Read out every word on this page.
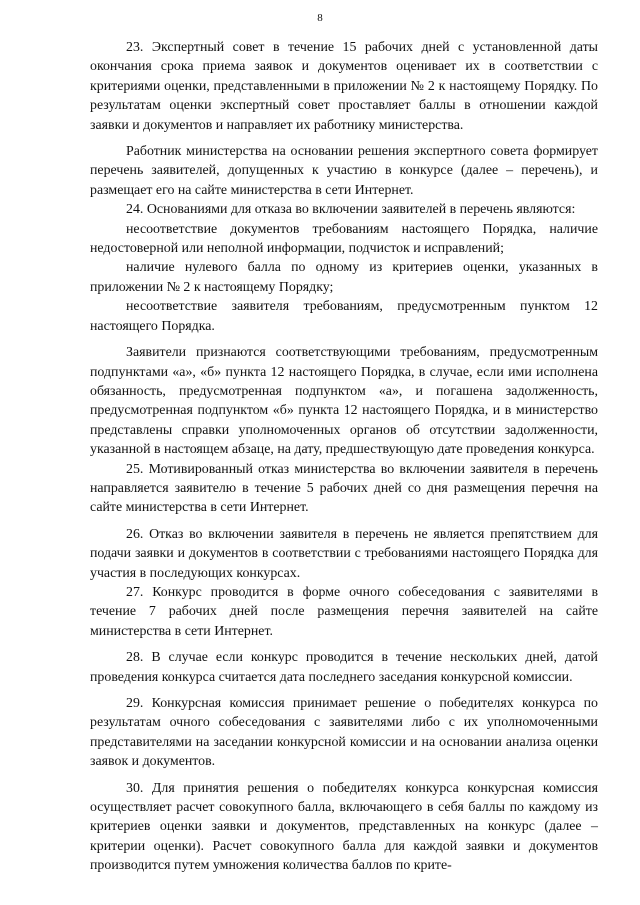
8

23. Экспертный совет в течение 15 рабочих дней с установленной даты окончания срока приема заявок и документов оценивает их в соответствии с критериями оценки, представленными в приложении № 2 к настоящему Порядку. По результатам оценки экспертный совет проставляет баллы в отношении каждой заявки и документов и направляет их работнику министерства.

Работник министерства на основании решения экспертного совета формирует перечень заявителей, допущенных к участию в конкурсе (далее – перечень), и размещает его на сайте министерства в сети Интернет.

24. Основаниями для отказа во включении заявителей в перечень являются:

несоответствие документов требованиям настоящего Порядка, наличие недостоверной или неполной информации, подчисток и исправлений;

наличие нулевого балла по одному из критериев оценки, указанных в приложении № 2 к настоящему Порядку;

несоответствие заявителя требованиям, предусмотренным пунктом 12 настоящего Порядка.

Заявители признаются соответствующими требованиям, предусмотренным подпунктами «а», «б» пункта 12 настоящего Порядка, в случае, если ими исполнена обязанность, предусмотренная подпунктом «а», и погашена задолженность, предусмотренная подпунктом «б» пункта 12 настоящего Порядка, и в министерство представлены справки уполномоченных органов об отсутствии задолженности, указанной в настоящем абзаце, на дату, предшествующую дате проведения конкурса.

25. Мотивированный отказ министерства во включении заявителя в перечень направляется заявителю в течение 5 рабочих дней со дня размещения перечня на сайте министерства в сети Интернет.

26. Отказ во включении заявителя в перечень не является препятствием для подачи заявки и документов в соответствии с требованиями настоящего Порядка для участия в последующих конкурсах.

27. Конкурс проводится в форме очного собеседования с заявителями в течение 7 рабочих дней после размещения перечня заявителей на сайте министерства в сети Интернет.

28. В случае если конкурс проводится в течение нескольких дней, датой проведения конкурса считается дата последнего заседания конкурсной комиссии.

29. Конкурсная комиссия принимает решение о победителях конкурса по результатам очного собеседования с заявителями либо с их уполномоченными представителями на заседании конкурсной комиссии и на основании анализа оценки заявок и документов.

30. Для принятия решения о победителях конкурса конкурсная комиссия осуществляет расчет совокупного балла, включающего в себя баллы по каждому из критериев оценки заявки и документов, представленных на конкурс (далее – критерии оценки). Расчет совокупного балла для каждой заявки и документов производится путем умножения количества баллов по крите-
